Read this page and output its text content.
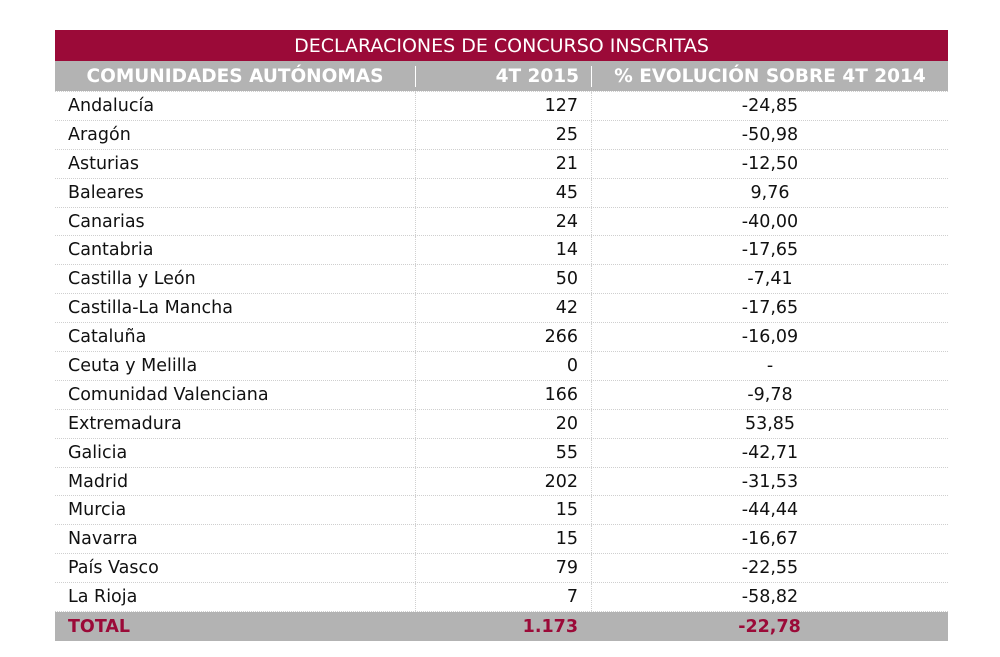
DECLARACIONES DE CONCURSO INSCRITAS
COMUNIDADES AUTÓNOMAS	4T 2015	% EVOLUCIÓN SOBRE 4T 2014
Andalucía	127	-24,85
Aragón	25	-50,98
Asturias	21	-12,50
Baleares	45	9,76
Canarias	24	-40,00
Cantabria	14	-17,65
Castilla y León	50	-7,41
Castilla-La Mancha	42	-17,65
Cataluña	266	-16,09
Ceuta y Melilla	0	-
Comunidad Valenciana	166	-9,78
Extremadura	20	53,85
Galicia	55	-42,71
Madrid	202	-31,53
Murcia	15	-44,44
Navarra	15	-16,67
País Vasco	79	-22,55
La Rioja	7	-58,82
TOTAL	1.173	-22,78
